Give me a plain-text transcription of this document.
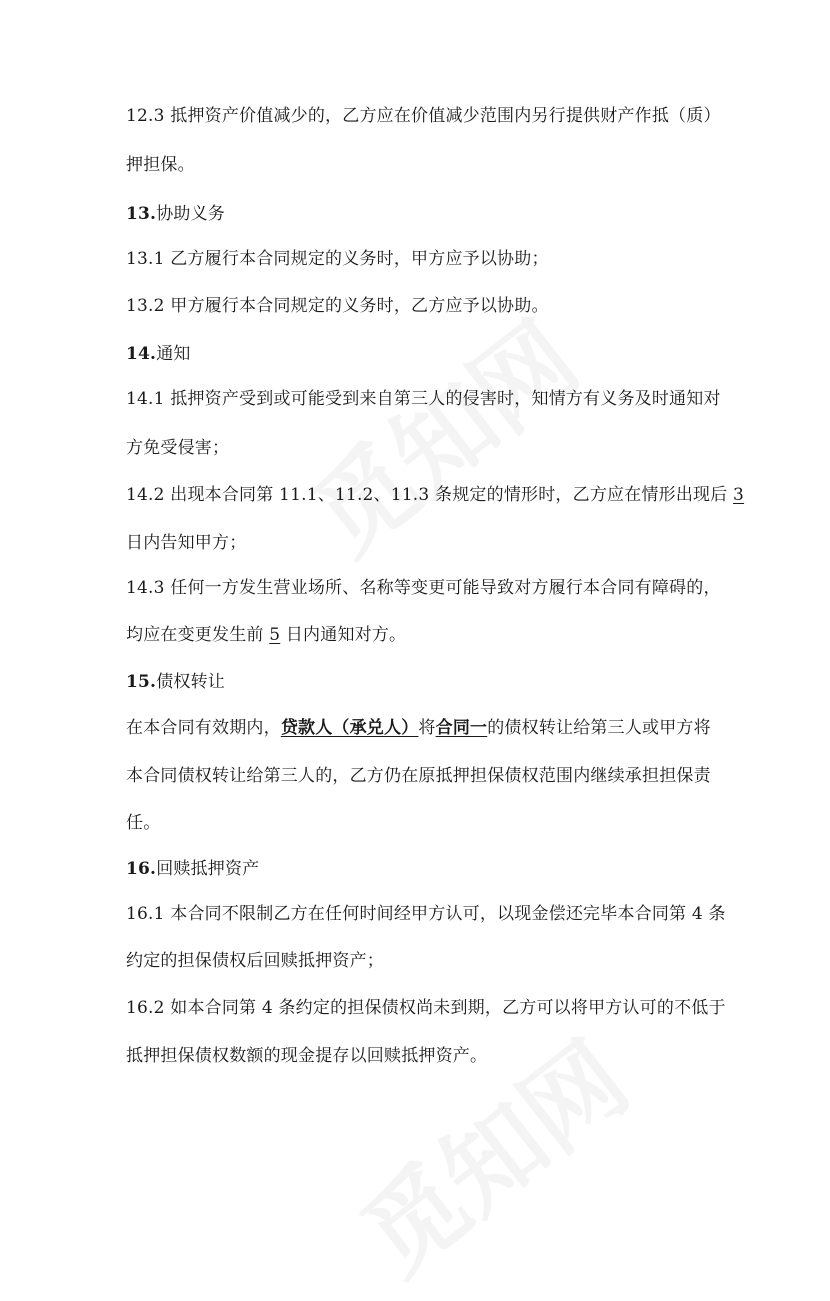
12.3 抵押资产价值减少的，乙方应在价值减少范围内另行提供财产作抵（质）
押担保。
13.协助义务
13.1 乙方履行本合同规定的义务时，甲方应予以协助；
13.2 甲方履行本合同规定的义务时，乙方应予以协助。
14.通知
14.1 抵押资产受到或可能受到来自第三人的侵害时，知情方有义务及时通知对
方免受侵害；
14.2 出现本合同第 11.1、11.2、11.3 条规定的情形时，乙方应在情形出现后 3
日内告知甲方；
14.3 任何一方发生营业场所、名称等变更可能导致对方履行本合同有障碍的，
均应在变更发生前 5 日内通知对方。
15.债权转让
在本合同有效期内，贷款人（承兑人）将合同一的债权转让给第三人或甲方将
本合同债权转让给第三人的，乙方仍在原抵押担保债权范围内继续承担担保责
任。
16.回赎抵押资产
16.1 本合同不限制乙方在任何时间经甲方认可，以现金偿还完毕本合同第 4 条
约定的担保债权后回赎抵押资产；
16.2 如本合同第 4 条约定的担保债权尚未到期，乙方可以将甲方认可的不低于
抵押担保债权数额的现金提存以回赎抵押资产。
